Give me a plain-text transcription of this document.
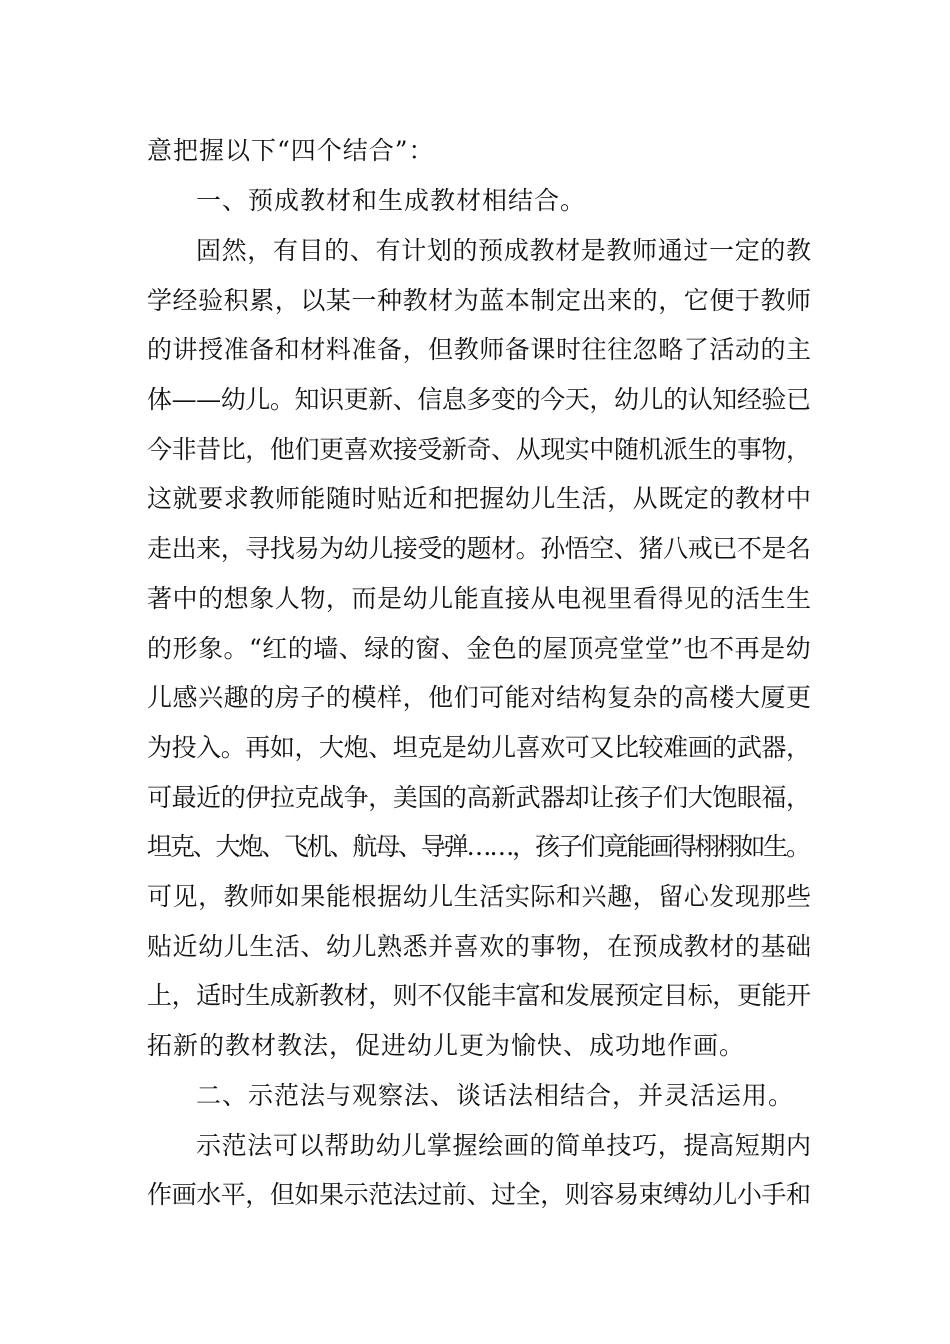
意把握以下“四个结合”：
一、预成教材和生成教材相结合。
固然，有目的、有计划的预成教材是教师通过一定的教
学经验积累，以某一种教材为蓝本制定出来的，它便于教师
的讲授准备和材料准备，但教师备课时往往忽略了活动的主
体——幼儿。知识更新、信息多变的今天，幼儿的认知经验已
今非昔比，他们更喜欢接受新奇、从现实中随机派生的事物，
这就要求教师能随时贴近和把握幼儿生活，从既定的教材中
走出来，寻找易为幼儿接受的题材。孙悟空、猪八戒已不是名
著中的想象人物，而是幼儿能直接从电视里看得见的活生生
的形象。“红的墙、绿的窗、金色的屋顶亮堂堂”也不再是幼
儿感兴趣的房子的模样，他们可能对结构复杂的高楼大厦更
为投入。再如，大炮、坦克是幼儿喜欢可又比较难画的武器，
可最近的伊拉克战争，美国的高新武器却让孩子们大饱眼福，
坦克、大炮、飞机、航母、导弹……，孩子们竟能画得栩栩如生。
可见，教师如果能根据幼儿生活实际和兴趣，留心发现那些
贴近幼儿生活、幼儿熟悉并喜欢的事物，在预成教材的基础
上，适时生成新教材，则不仅能丰富和发展预定目标，更能开
拓新的教材教法，促进幼儿更为愉快、成功地作画。
二、示范法与观察法、谈话法相结合，并灵活运用。
示范法可以帮助幼儿掌握绘画的简单技巧，提高短期内
作画水平，但如果示范法过前、过全，则容易束缚幼儿小手和
